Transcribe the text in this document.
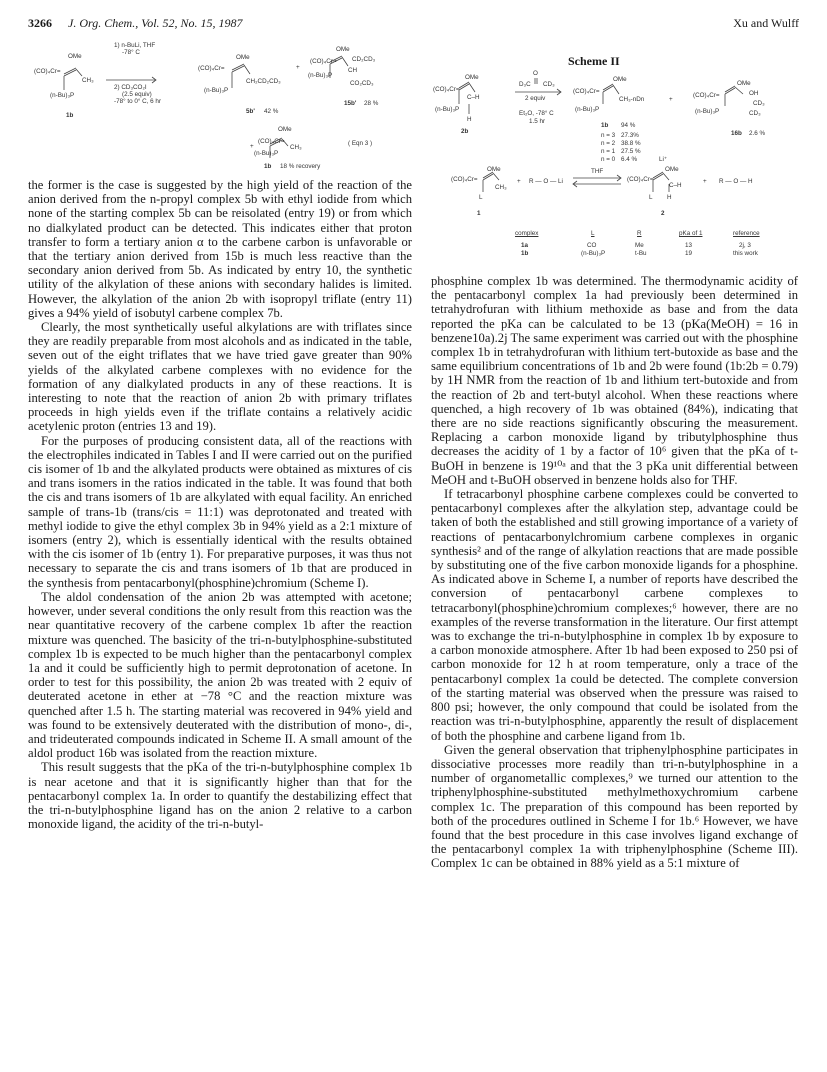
3266 J. Org. Chem., Vol. 52, No. 15, 1987	Xu and Wulff
OMe
(CO)₄Cr=
CH₃
(n-Bu)₃P
1b
1) n-BuLi, THF
-78° C
2) CD₃CO₂I
(2.5 equiv)
-78° to 0° C, 6 hr
OMe
(CO)₄Cr=
CH₂CD₂CD₃
(n-Bu)₃P
5b' 42 %
+
OMe
(CO)₄Cr= CD₂CD₃
CH
CO₂CD₃
(n-Bu)₃P
15b' 28 %
+
OMe
(CO)₄Cr=
CH₃
(n-Bu)₃P
( Eqn 3 )
1b 18 % recovery
Scheme II
OMe
(CO)₄Cr=
C–H
(n-Bu)₃P
H
2b
O
D₃C CD₃
2 equiv
Et₂O, -78° C
1.5 hr
OMe
(CO)₄Cr=
CH₃-nDn
(n-Bu)₃P
1b 94 %
n = 3 27.3%
n = 2 38.8 %
n = 1 27.5 %
n = 0 6.4 %
+
OMe
OH
(CO)₄Cr=
CD₃
CD₃
(n-Bu)₃P
16b 2.6 %
OMe
(CO)₄Cr=
CH₃
L
1
+ R — O — Li
THF
Li⁺
OMe
(CO)₄Cr=
C–H
L H
2
+ R — O — H
complex	L	R	pKa of 1	reference
1a	CO	Me	13	2j, 3
1b	(n-Bu)₃P	t-Bu	19	this work

the former is the case is suggested by the high yield of the reaction of the anion derived from the n-propyl complex 5b with ethyl iodide from which none of the starting complex 5b can be reisolated (entry 19) or from which no dialkylated product can be detected. This indicates either that proton transfer to form a tertiary anion α to the carbene carbon is unfavorable or that the tertiary anion derived from 15b is much less reactive than the secondary anion derived from 5b. As indicated by entry 10, the synthetic utility of the alkylation of these anions with secondary halides is limited. However, the alkylation of the anion 2b with isopropyl triflate (entry 11) gives a 94% yield of isobutyl carbene complex 7b.

Clearly, the most synthetically useful alkylations are with triflates since they are readily preparable from most alcohols and as indicated in the table, seven out of the eight triflates that we have tried gave greater than 90% yields of the alkylated carbene complexes with no evidence for the formation of any dialkylated products in any of these reactions. It is interesting to note that the reaction of anion 2b with primary triflates proceeds in high yields even if the triflate contains a relatively acidic acetylenic proton (entries 13 and 19).

For the purposes of producing consistent data, all of the reactions with the electrophiles indicated in Tables I and II were carried out on the purified cis isomer of 1b and the alkylated products were obtained as mixtures of cis and trans isomers in the ratios indicated in the table. It was found that both the cis and trans isomers of 1b are alkylated with equal facility. An enriched sample of trans-1b (trans/cis = 11:1) was deprotonated and treated with methyl iodide to give the ethyl complex 3b in 94% yield as a 2:1 mixture of isomers (entry 2), which is essentially identical with the results obtained with the cis isomer of 1b (entry 1). For preparative purposes, it was thus not necessary to separate the cis and trans isomers of 1b that are produced in the synthesis from pentacarbonyl(phosphine)chromium (Scheme I).

The aldol condensation of the anion 2b was attempted with acetone; however, under several conditions the only result from this reaction was the near quantitative recovery of the carbene complex 1b after the reaction mixture was quenched. The basicity of the tri-n-butylphosphine-substituted complex 1b is expected to be much higher than the pentacarbonyl complex 1a and it could be sufficiently high to permit deprotonation of acetone. In order to test for this possibility, the anion 2b was treated with 2 equiv of deuterated acetone in ether at −78 °C and the reaction mixture was quenched after 1.5 h. The starting material was recovered in 94% yield and was found to be extensively deuterated with the distribution of mono-, di-, and trideuterated compounds indicated in Scheme II. A small amount of the aldol product 16b was isolated from the reaction mixture.

This result suggests that the pKa of the tri-n-butylphosphine complex 1b is near acetone and that it is significantly higher than that for the pentacarbonyl complex 1a. In order to quantify the destabilizing effect that the tri-n-butylphosphine ligand has on the anion 2 relative to a carbon monoxide ligand, the acidity of the tri-n-butyl-

phosphine complex 1b was determined. The thermodynamic acidity of the pentacarbonyl complex 1a had previously been determined in tetrahydrofuran with lithium methoxide as base and from the data reported the pKa can be calculated to be 13 (pKa(MeOH) = 16 in benzene10a).2j The same experiment was carried out with the phosphine complex 1b in tetrahydrofuran with lithium tert-butoxide as base and the same equilibrium concentrations of 1b and 2b were found (1b:2b = 0.79) by 1H NMR from the reaction of 1b and lithium tert-butoxide and from the reaction of 2b and tert-butyl alcohol. When these reactions where quenched, a high recovery of 1b was obtained (84%), indicating that there are no side reactions significantly obscuring the measurement. Replacing a carbon monoxide ligand by tributylphosphine thus decreases the acidity of 1 by a factor of 10⁶ given that the pKa of t-BuOH in benzene is 19¹⁰ᵃ and that the 3 pKa unit differential between MeOH and t-BuOH observed in benzene holds also for THF.

If tetracarbonyl phosphine carbene complexes could be converted to pentacarbonyl complexes after the alkylation step, advantage could be taken of both the established and still growing importance of a variety of reactions of pentacarbonylchromium carbene complexes in organic synthesis² and of the range of alkylation reactions that are made possible by substituting one of the five carbon monoxide ligands for a phosphine. As indicated above in Scheme I, a number of reports have described the conversion of pentacarbonyl carbene complexes to tetracarbonyl(phosphine)chromium complexes;⁶ however, there are no examples of the reverse transformation in the literature. Our first attempt was to exchange the tri-n-butylphosphine in complex 1b by exposure to a carbon monoxide atmosphere. After 1b had been exposed to 250 psi of carbon monoxide for 12 h at room temperature, only a trace of the pentacarbonyl complex 1a could be detected. The complete conversion of the starting material was observed when the pressure was raised to 800 psi; however, the only compound that could be isolated from the reaction was tri-n-butylphosphine, apparently the result of displacement of both the phosphine and carbene ligand from 1b.

Given the general observation that triphenylphosphine participates in dissociative processes more readily than tri-n-butylphosphine in a number of organometallic complexes,⁹ we turned our attention to the triphenylphosphine-substituted methylmethoxychromium carbene complex 1c. The preparation of this compound has been reported by both of the procedures outlined in Scheme I for 1b.⁶ However, we have found that the best procedure in this case involves ligand exchange of the pentacarbonyl complex 1a with triphenylphosphine (Scheme III). Complex 1c can be obtained in 88% yield as a 5:1 mixture of
